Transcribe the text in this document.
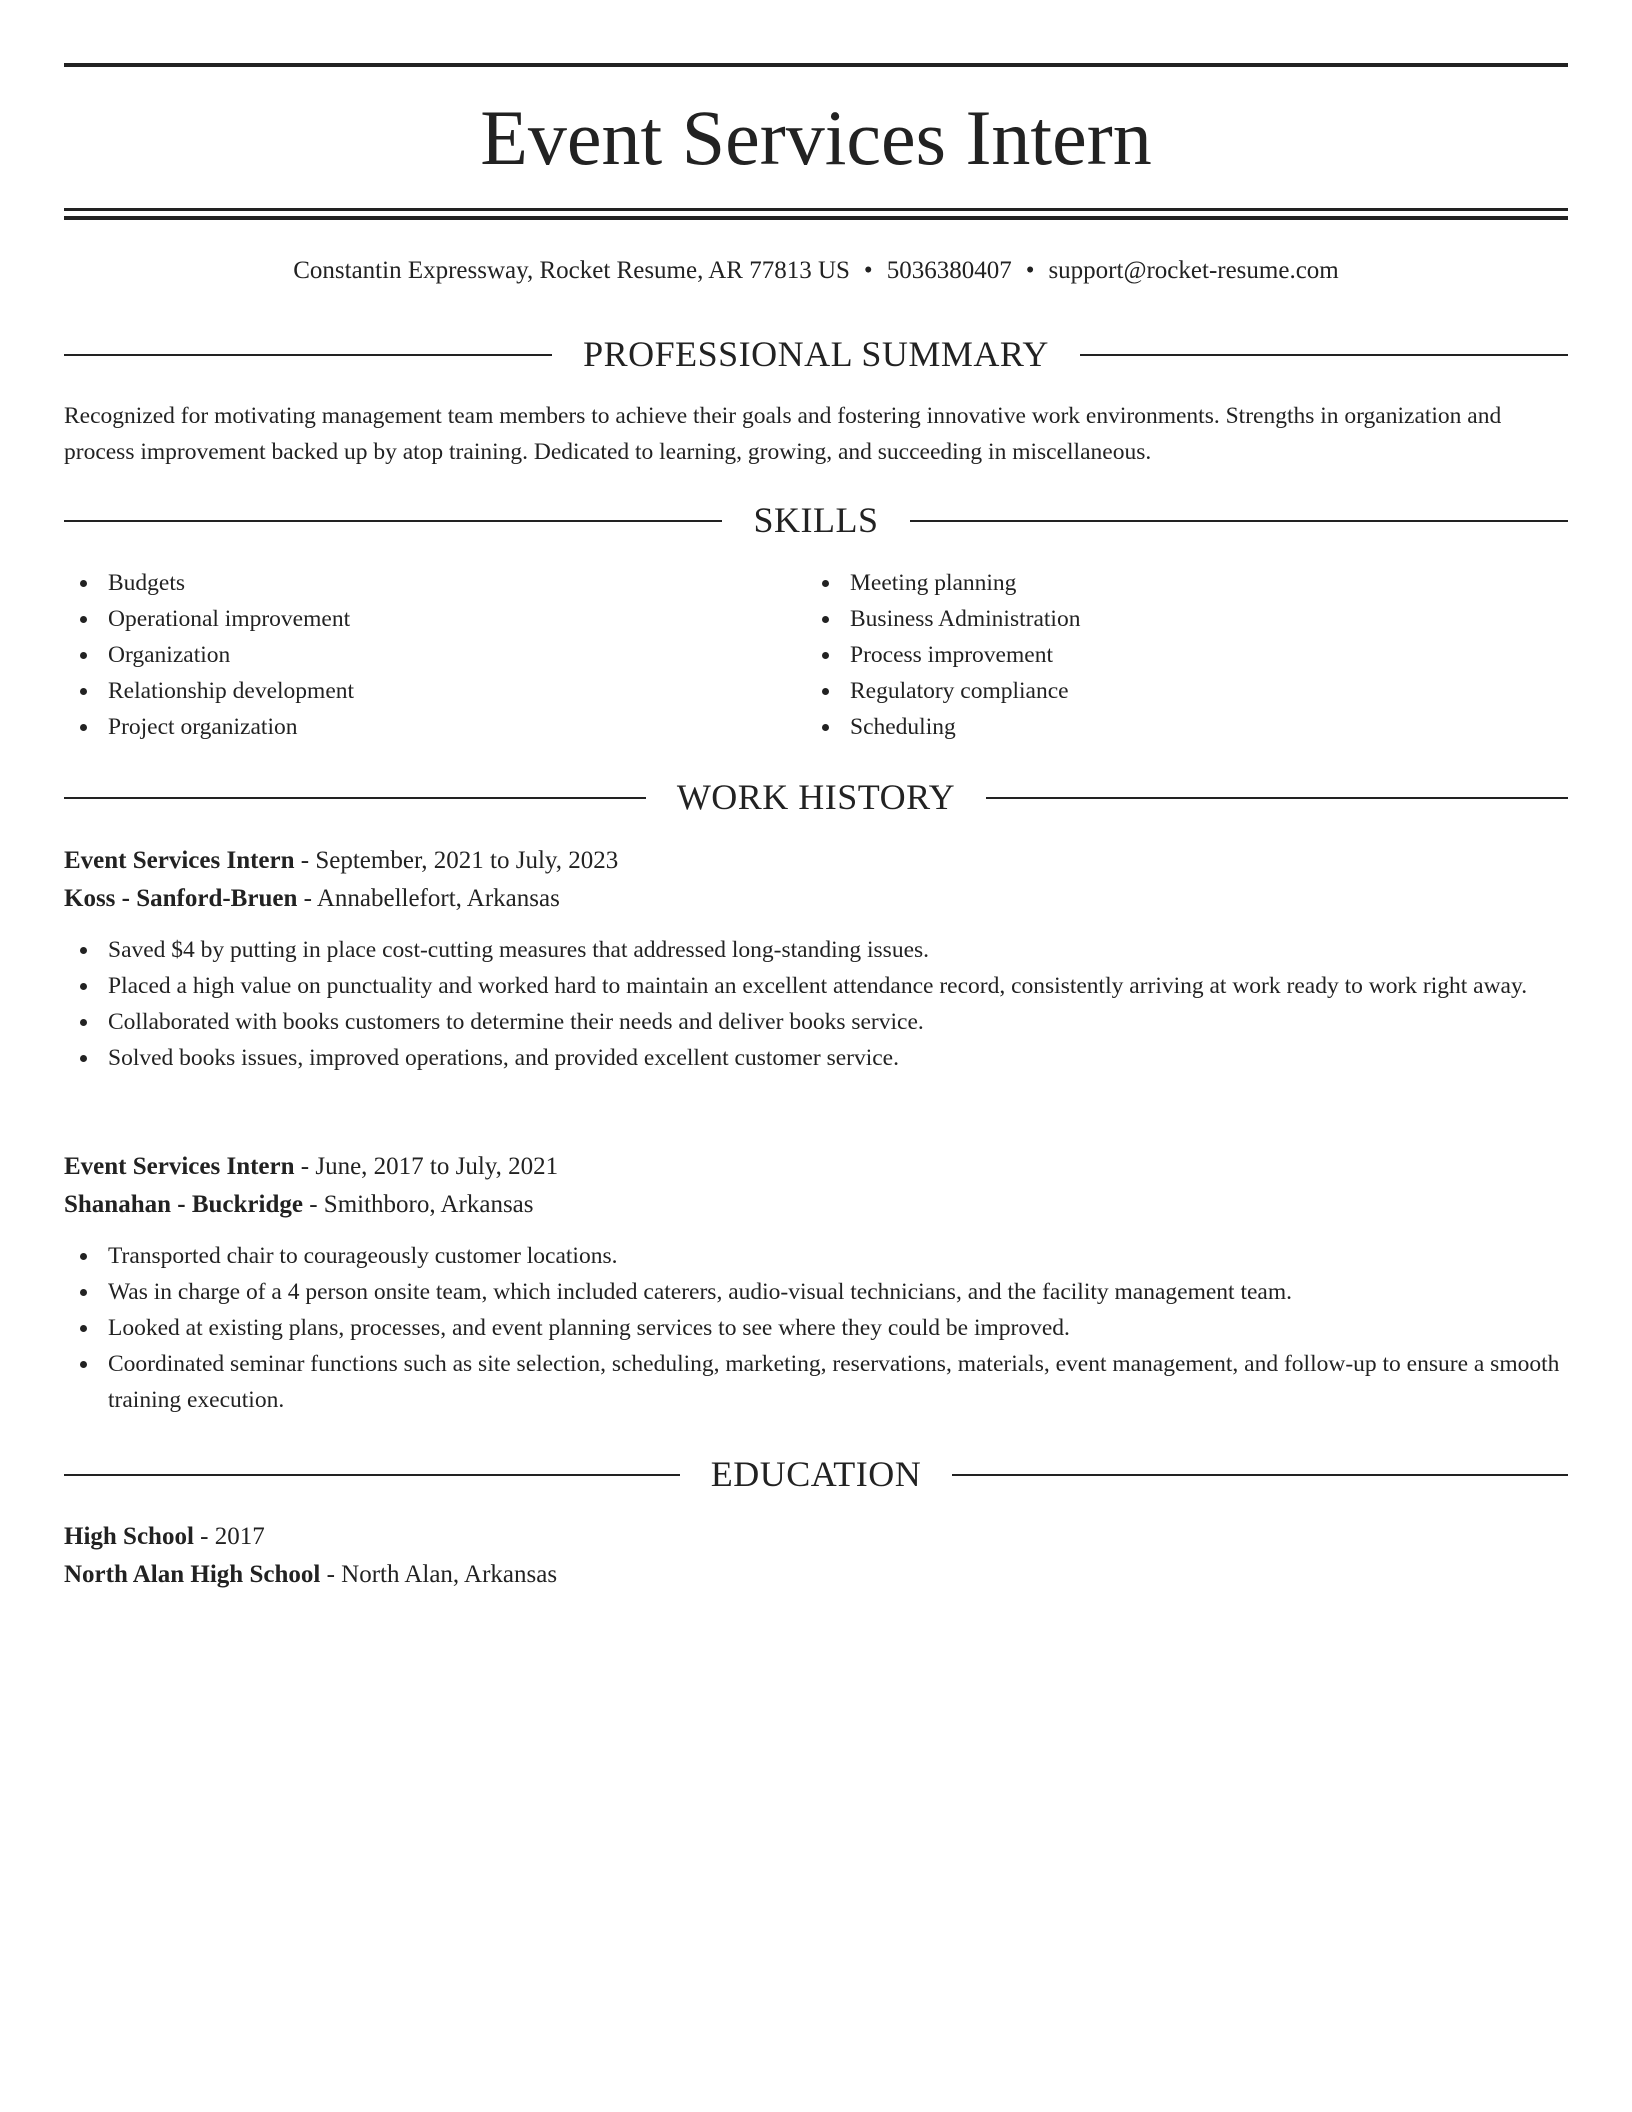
Event Services Intern
Constantin Expressway, Rocket Resume, AR 77813 US • 5036380407 • support@rocket-resume.com
PROFESSIONAL SUMMARY

Recognized for motivating management team members to achieve their goals and fostering innovative work environments. Strengths in organization and process improvement backed up by atop training. Dedicated to learning, growing, and succeeding in miscellaneous.

SKILLS
Budgets
Operational improvement
Organization
Relationship development
Project organization
Meeting planning
Business Administration
Process improvement
Regulatory compliance
Scheduling
WORK HISTORY
Event Services Intern - September, 2021 to July, 2023
Koss - Sanford-Bruen - Annabellefort, Arkansas
Saved $4 by putting in place cost-cutting measures that addressed long-standing issues.
Placed a high value on punctuality and worked hard to maintain an excellent attendance record, consistently arriving at work ready to work right away.
Collaborated with books customers to determine their needs and deliver books service.
Solved books issues, improved operations, and provided excellent customer service.
Event Services Intern - June, 2017 to July, 2021
Shanahan - Buckridge - Smithboro, Arkansas
Transported chair to courageously customer locations.
Was in charge of a 4 person onsite team, which included caterers, audio-visual technicians, and the facility management team.
Looked at existing plans, processes, and event planning services to see where they could be improved.
Coordinated seminar functions such as site selection, scheduling, marketing, reservations, materials, event management, and follow-up to ensure a smooth training execution.
EDUCATION
High School - 2017
North Alan High School - North Alan, Arkansas
